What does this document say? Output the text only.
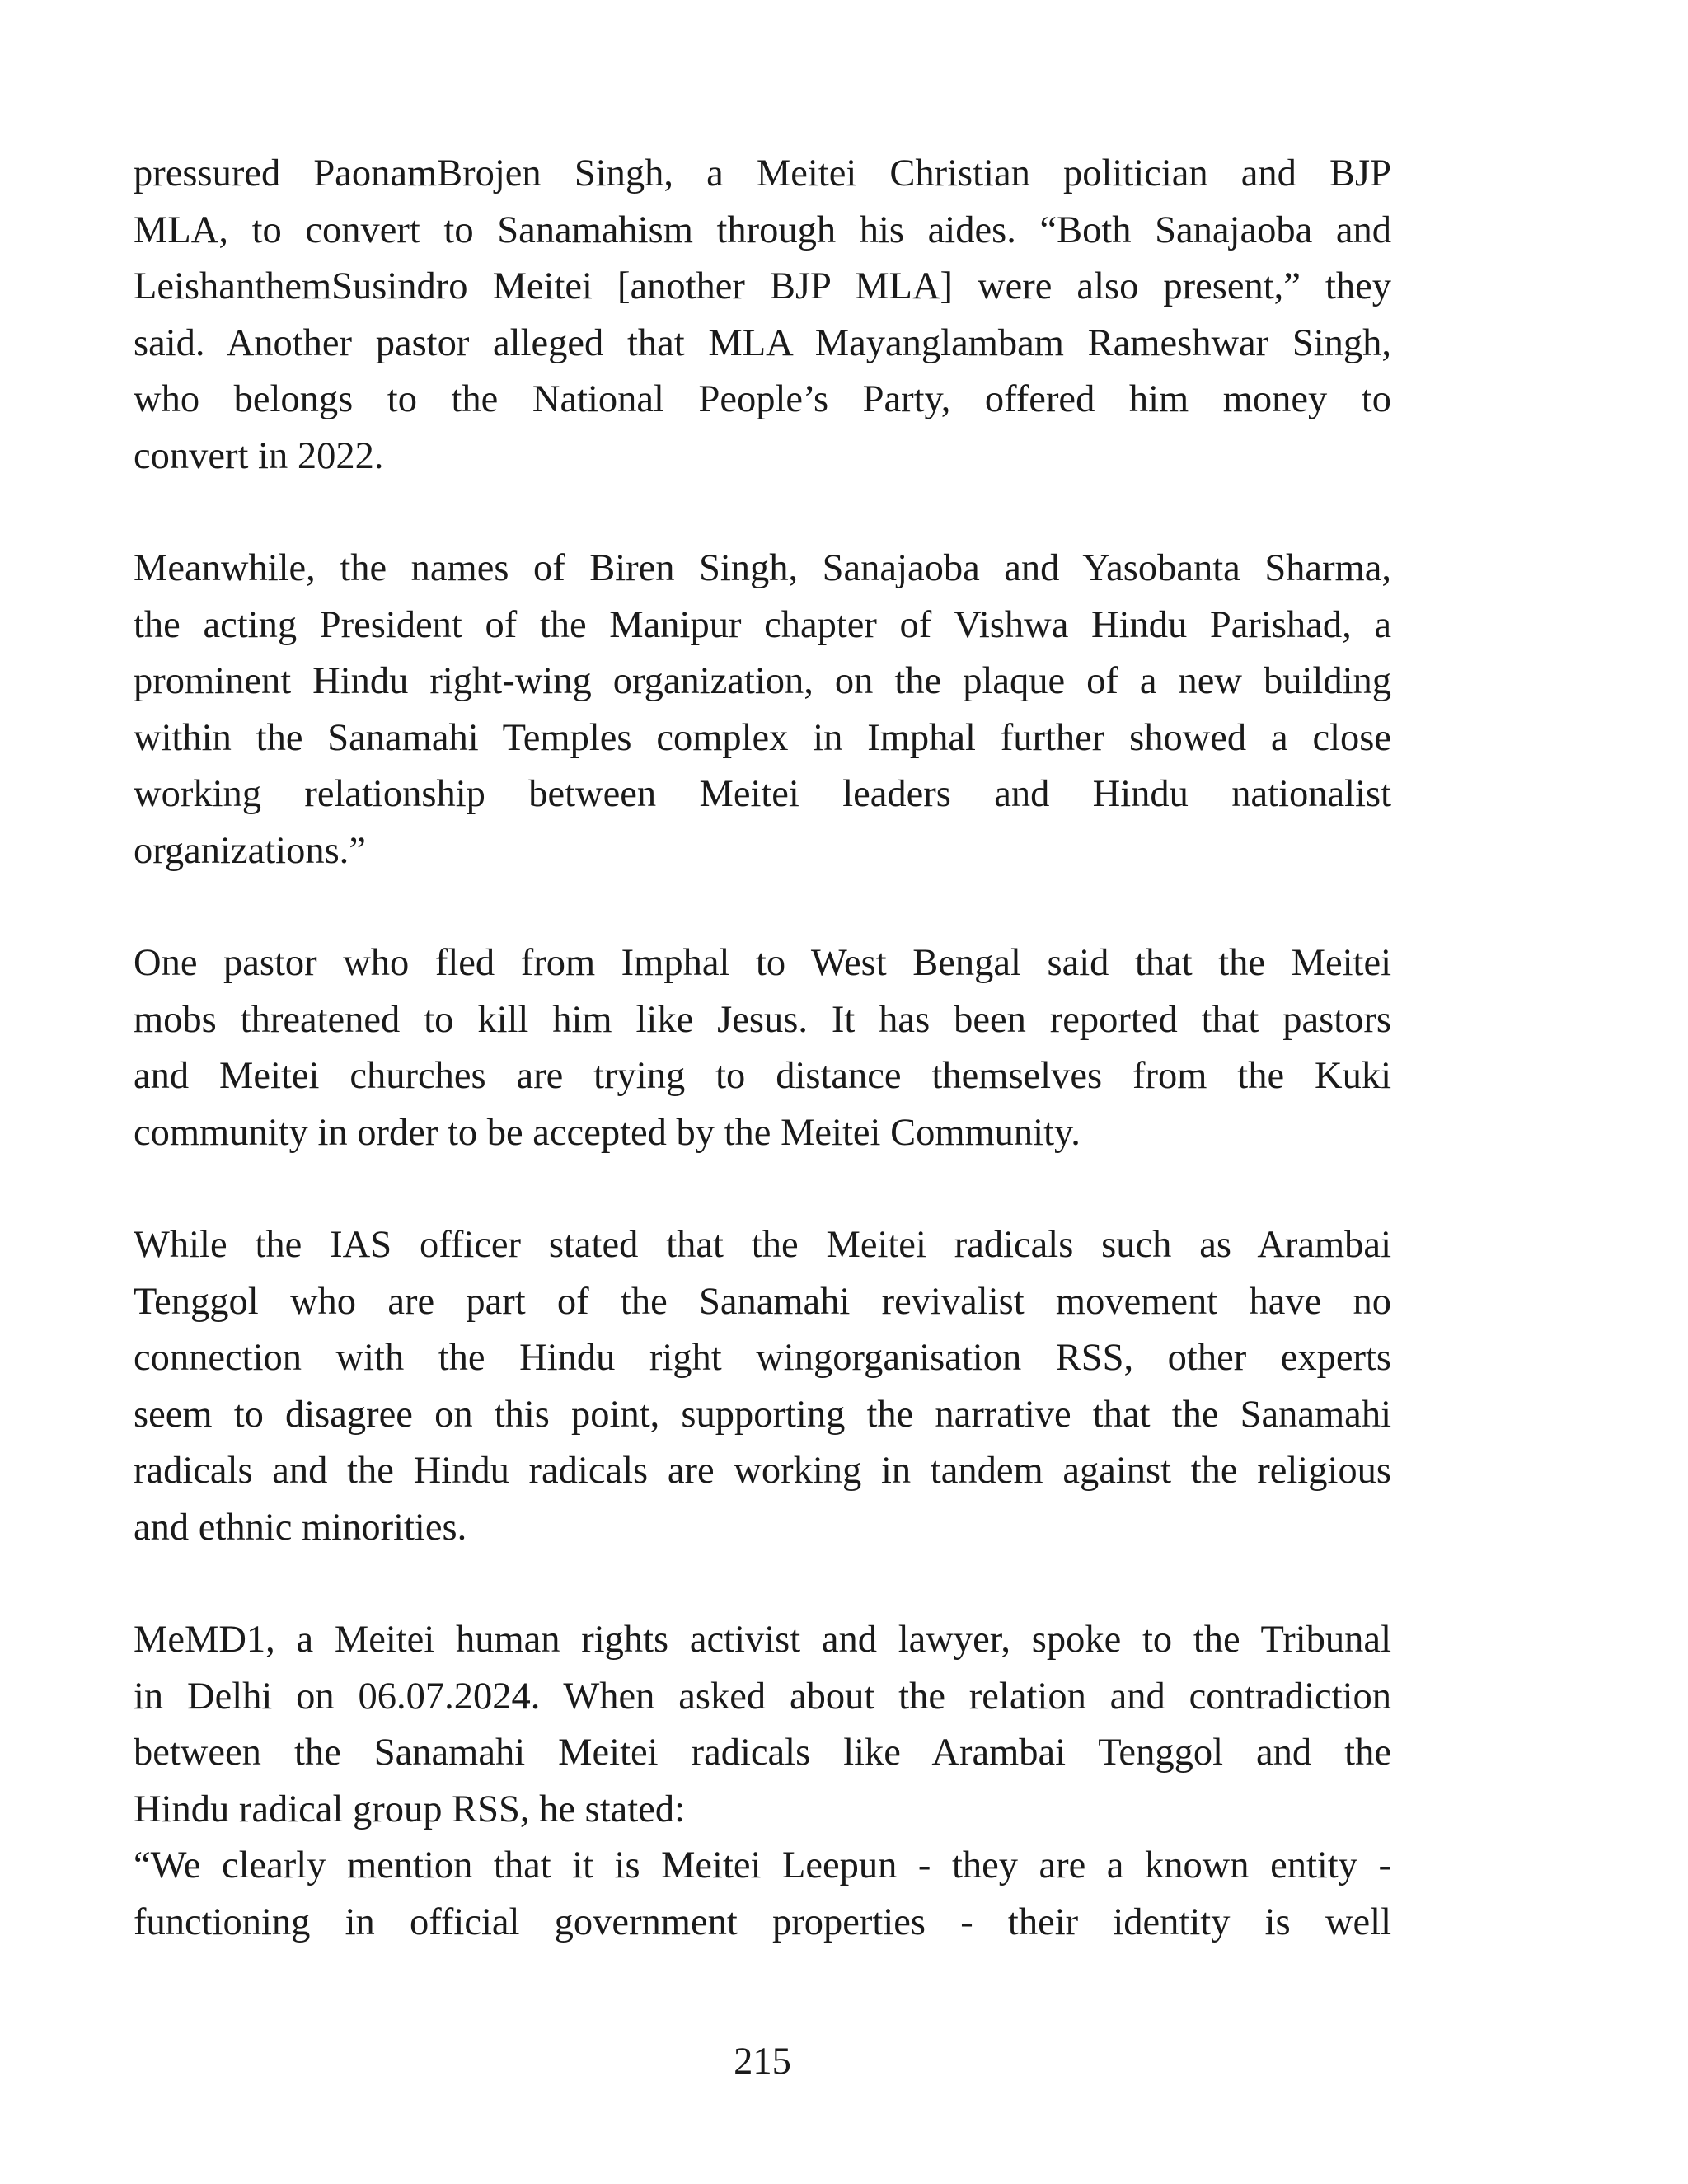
pressured PaonamBrojen Singh, a Meitei Christian politician and BJP
MLA, to convert to Sanamahism through his aides. “Both Sanajaoba and
LeishanthemSusindro Meitei [another BJP MLA] were also present,” they
said. Another pastor alleged that MLA Mayanglambam Rameshwar Singh,
who belongs to the National People’s Party, offered him money to
convert in 2022.

Meanwhile, the names of Biren Singh, Sanajaoba and Yasobanta Sharma,
the acting President of the Manipur chapter of Vishwa Hindu Parishad, a
prominent Hindu right-wing organization, on the plaque of a new building
within the Sanamahi Temples complex in Imphal further showed a close
working relationship between Meitei leaders and Hindu nationalist
organizations.”

One pastor who fled from Imphal to West Bengal said that the Meitei
mobs threatened to kill him like Jesus. It has been reported that pastors
and Meitei churches are trying to distance themselves from the Kuki
community in order to be accepted by the Meitei Community.

While the IAS officer stated that the Meitei radicals such as Arambai
Tenggol who are part of the Sanamahi revivalist movement have no
connection with the Hindu right wingorganisation RSS, other experts
seem to disagree on this point, supporting the narrative that the Sanamahi
radicals and the Hindu radicals are working in tandem against the religious
and ethnic minorities.

MeMD1, a Meitei human rights activist and lawyer, spoke to the Tribunal
in Delhi on 06.07.2024. When asked about the relation and contradiction
between the Sanamahi Meitei radicals like Arambai Tenggol and the
Hindu radical group RSS, he stated:
“We clearly mention that it is Meitei Leepun - they are a known entity -
functioning in official government properties - their identity is well

215
